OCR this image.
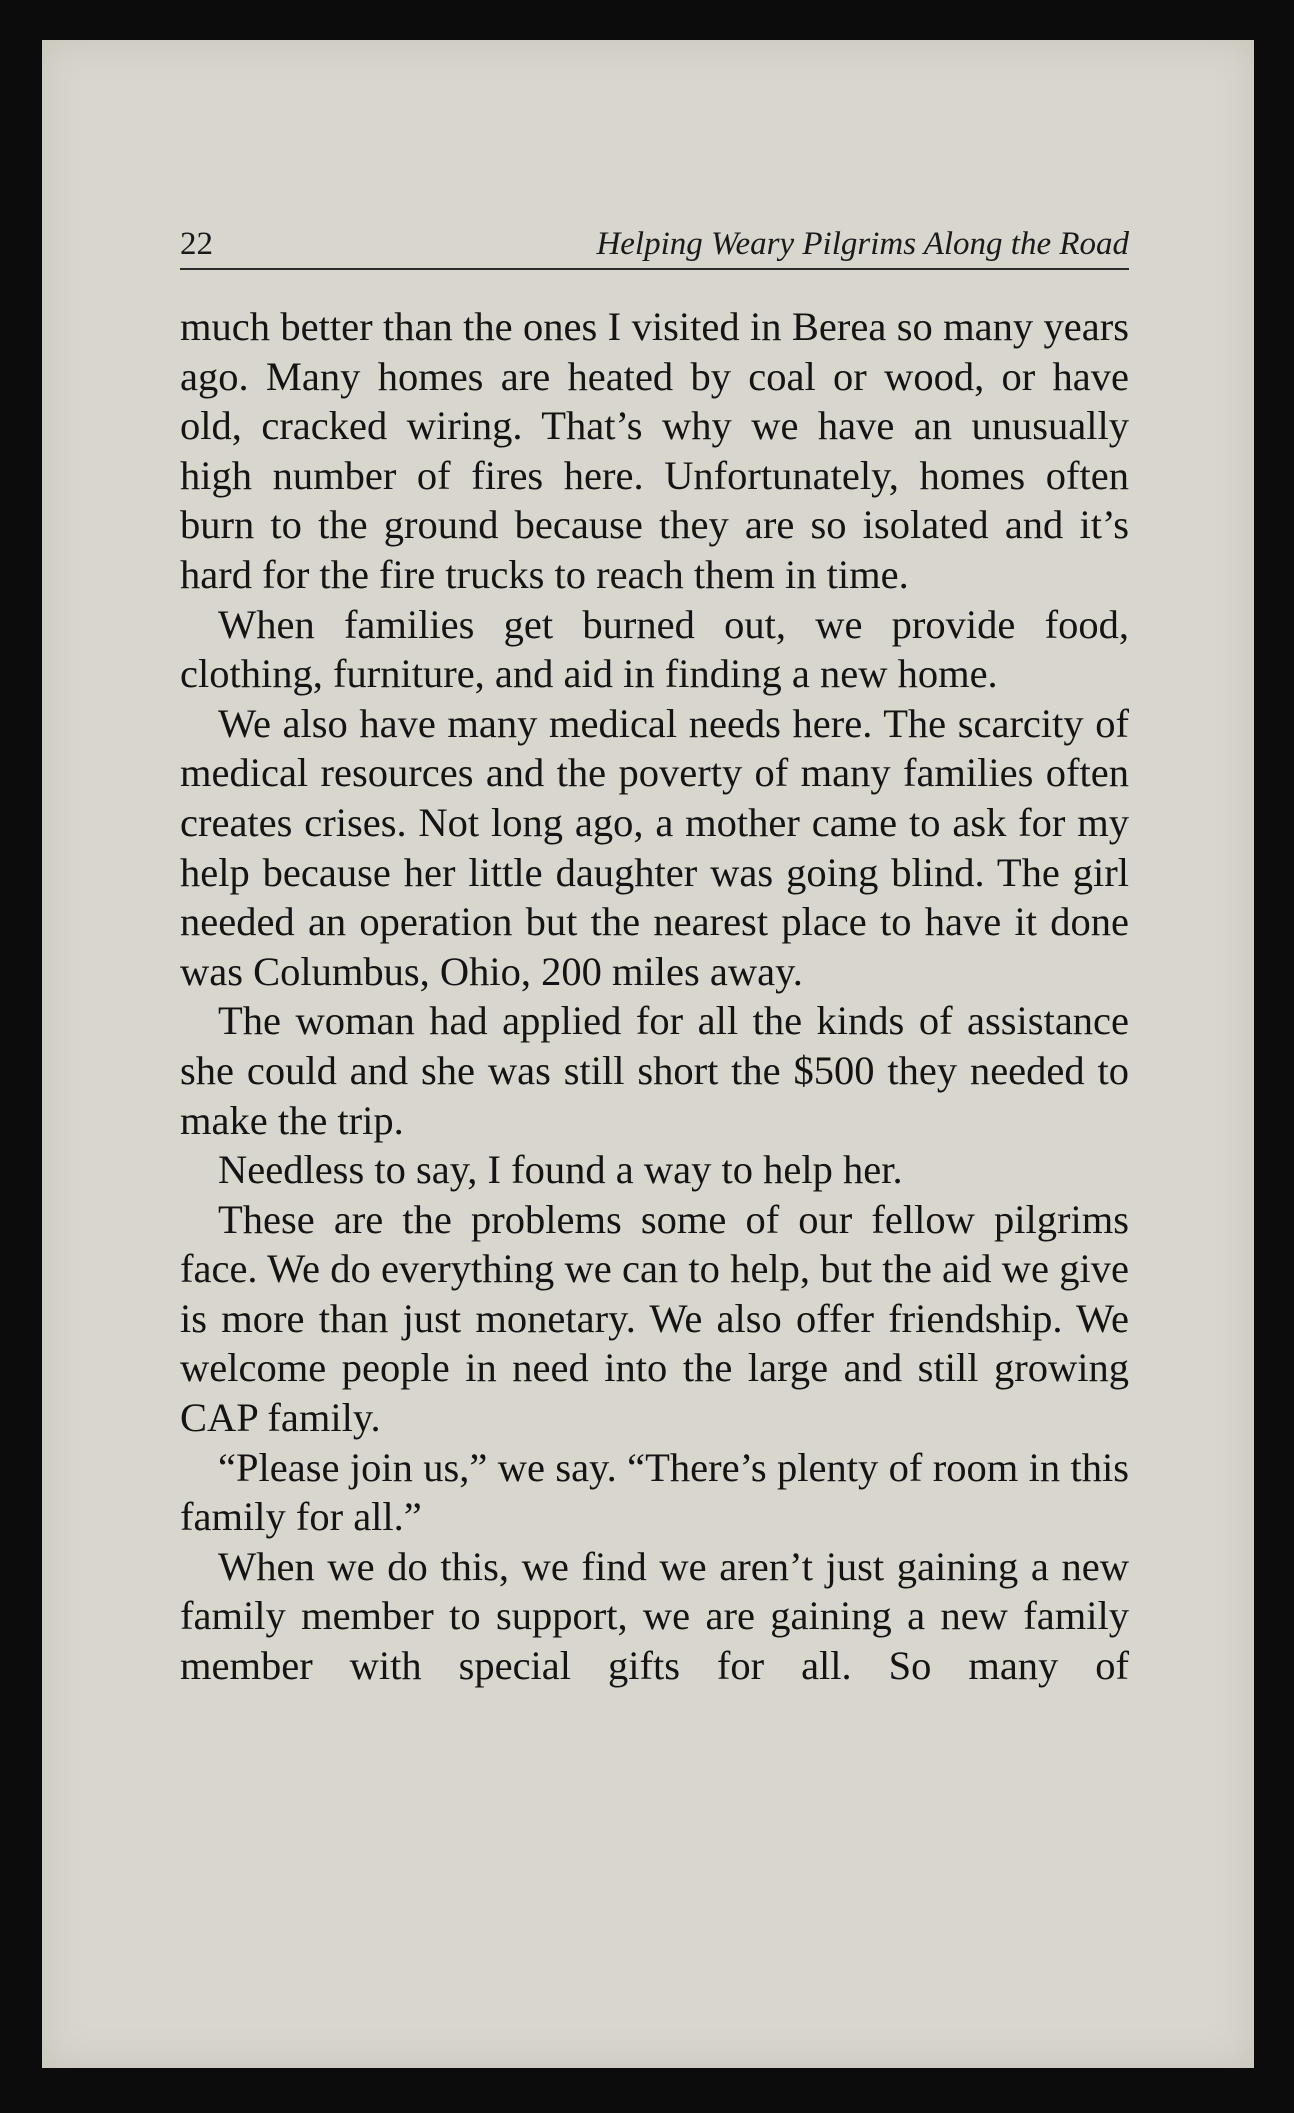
22	Helping Weary Pilgrims Along the Road

much better than the ones I visited in Berea so many years ago. Many homes are heated by coal or wood, or have old, cracked wiring. That’s why we have an unusually high number of fires here. Unfortunately, homes often burn to the ground because they are so isolated and it’s hard for the fire trucks to reach them in time.

When families get burned out, we provide food, clothing, furniture, and aid in finding a new home.

We also have many medical needs here. The scarcity of medical resources and the poverty of many families often creates crises. Not long ago, a mother came to ask for my help because her little daughter was going blind. The girl needed an operation but the nearest place to have it done was Columbus, Ohio, 200 miles away.

The woman had applied for all the kinds of assistance she could and she was still short the $500 they needed to make the trip.

Needless to say, I found a way to help her.

These are the problems some of our fellow pilgrims face. We do everything we can to help, but the aid we give is more than just monetary. We also offer friendship. We welcome people in need into the large and still growing CAP family.

“Please join us,” we say. “There’s plenty of room in this family for all.”

When we do this, we find we aren’t just gaining a new family member to support, we are gaining a new family member with special gifts for all. So many of
